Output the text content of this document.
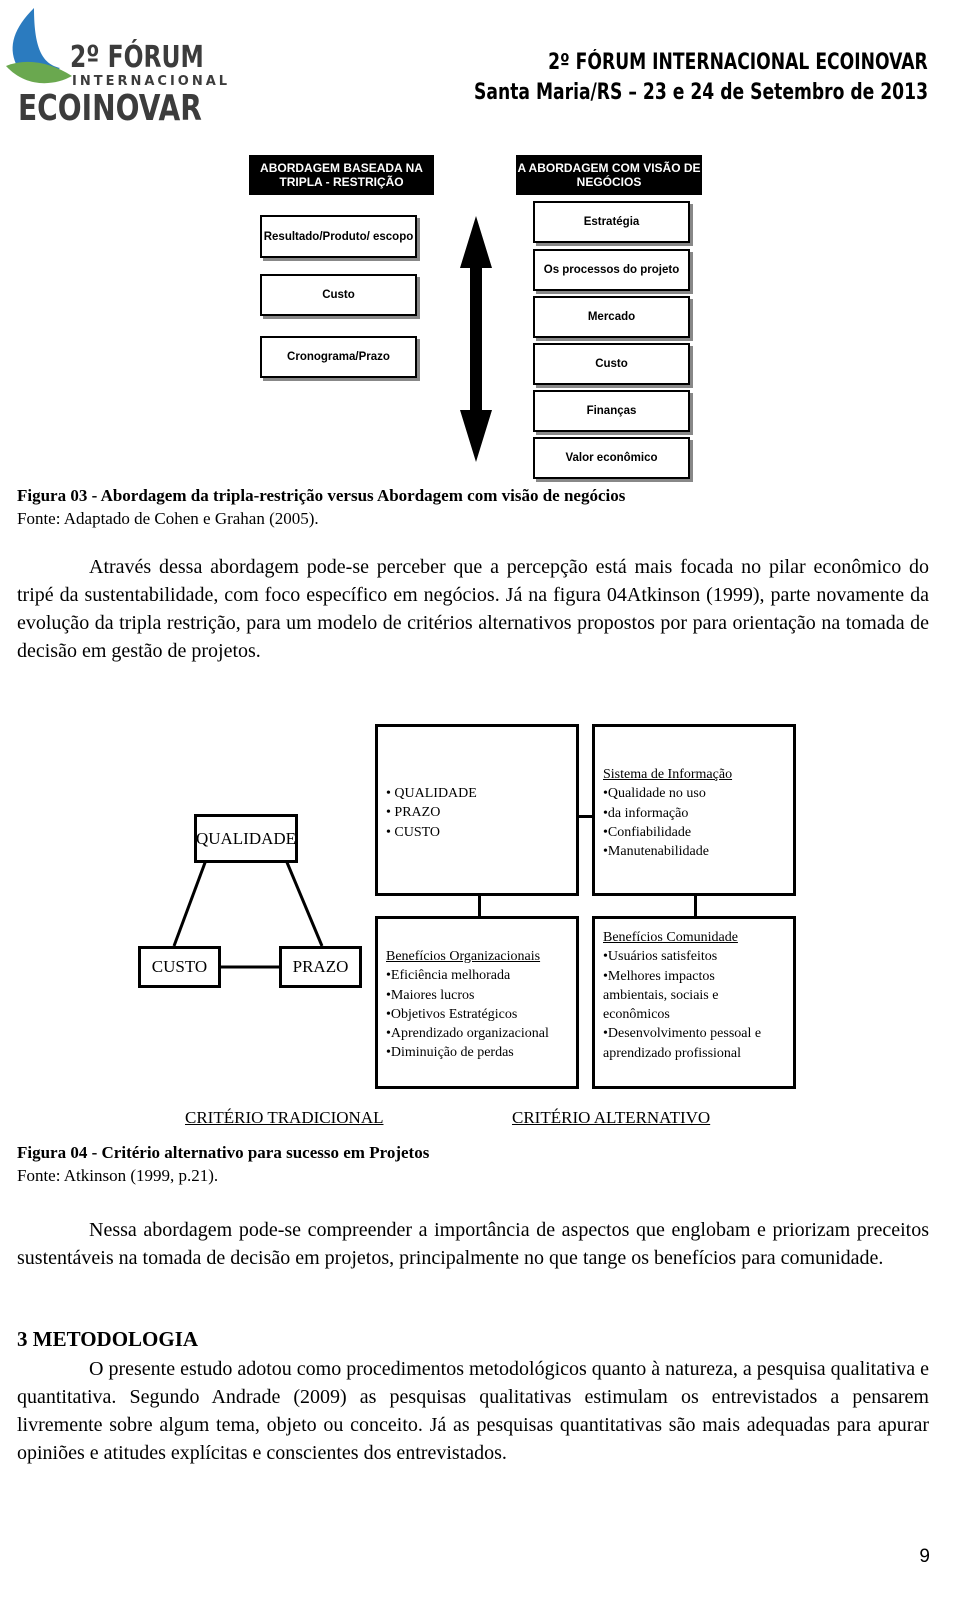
2º FÓRUM
INTERNACIONAL
ECOINOVAR
2º FÓRUM INTERNACIONAL ECOINOVAR
Santa Maria/RS – 23 e 24 de Setembro de 2013
ABORDAGEM BASEADA NA TRIPLA - RESTRIÇÃO
A ABORDAGEM COM VISÃO DE NEGÓCIOS
Resultado/Produto/ escopo
Custo
Cronograma/Prazo
Estratégia
Os processos do projeto
Mercado
Custo
Finanças
Valor econômico
Figura 03 - Abordagem da tripla-restrição versus Abordagem com visão de negócios
Fonte: Adaptado de Cohen e Grahan (2005).

Através dessa abordagem pode-se perceber que a percepção está mais focada no pilar econômico do tripé da sustentabilidade, com foco específico em negócios. Já na figura 04Atkinson (1999), parte novamente da evolução da tripla restrição, para um modelo de critérios alternativos propostos por para orientação na tomada de decisão em gestão de projetos.

QUALIDADE
CUSTO	PRAZO
• QUALIDADE
• PRAZO
• CUSTO
Sistema de Informação
•Qualidade no uso
•da informação
•Confiabilidade
•Manutenabilidade
Benefícios Organizacionais
•Eficiência melhorada
•Maiores lucros
•Objetivos Estratégicos
•Aprendizado organizacional
•Diminuição de perdas
Benefícios Comunidade
•Usuários satisfeitos
•Melhores impactos
ambientais, sociais e
econômicos
•Desenvolvimento pessoal e
aprendizado profissional
CRITÉRIO TRADICIONAL	CRITÉRIO ALTERNATIVO
Figura 04 - Critério alternativo para sucesso em Projetos
Fonte: Atkinson (1999, p.21).

Nessa abordagem pode-se compreender a importância de aspectos que englobam e priorizam preceitos sustentáveis na tomada de decisão em projetos, principalmente no que tange os benefícios para comunidade.

3 METODOLOGIA

O presente estudo adotou como procedimentos metodológicos quanto à natureza, a pesquisa qualitativa e quantitativa. Segundo Andrade (2009) as pesquisas qualitativas estimulam os entrevistados a pensarem livremente sobre algum tema, objeto ou conceito. Já as pesquisas quantitativas são mais adequadas para apurar opiniões e atitudes explícitas e conscientes dos entrevistados.

9
